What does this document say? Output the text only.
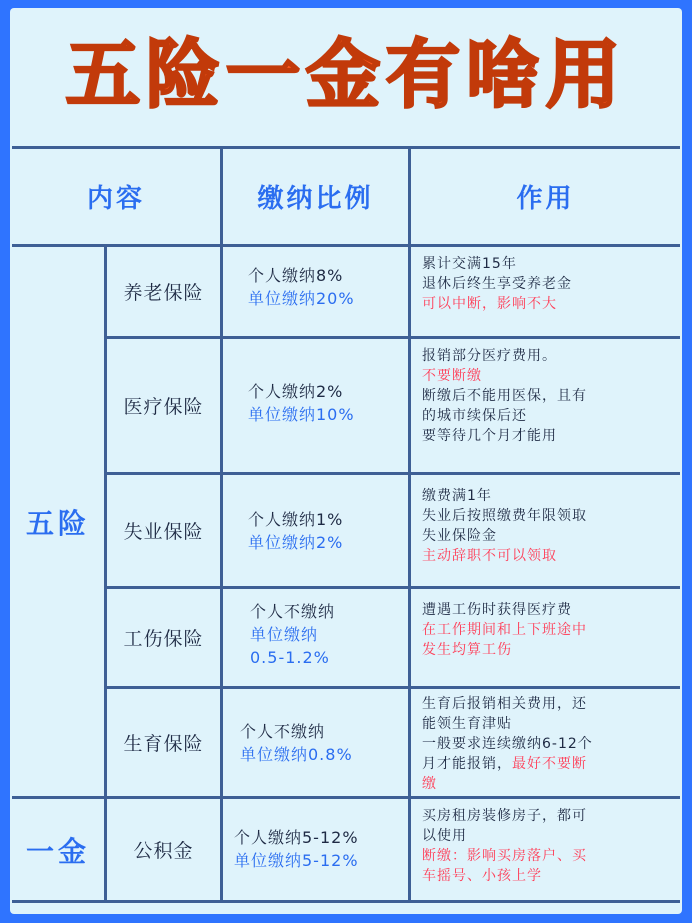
五险一金有啥用
内容	缴纳比例	作用
五险
一金
养老保险
医疗保险
失业保险
工伤保险
生育保险
公积金
个人缴纳8%
单位缴纳20%
个人缴纳2%
单位缴纳10%
个人缴纳1%
单位缴纳2%
个人不缴纳
单位缴纳
0.5-1.2%
个人不缴纳
单位缴纳0.8%
个人缴纳5-12%
单位缴纳5-12%
累计交满15年
退休后终生享受养老金
可以中断，影响不大
报销部分医疗费用。
不要断缴
断缴后不能用医保，且有
的城市续保后还
要等待几个月才能用
缴费满1年
失业后按照缴费年限领取
失业保险金
主动辞职不可以领取
遭遇工伤时获得医疗费
在工作期间和上下班途中
发生均算工伤
生育后报销相关费用，还
能领生育津贴
一般要求连续缴纳6-12个
月才能报销，最好不要断
缴
买房租房装修房子，都可
以使用
断缴：影响买房落户、买
车摇号、小孩上学
